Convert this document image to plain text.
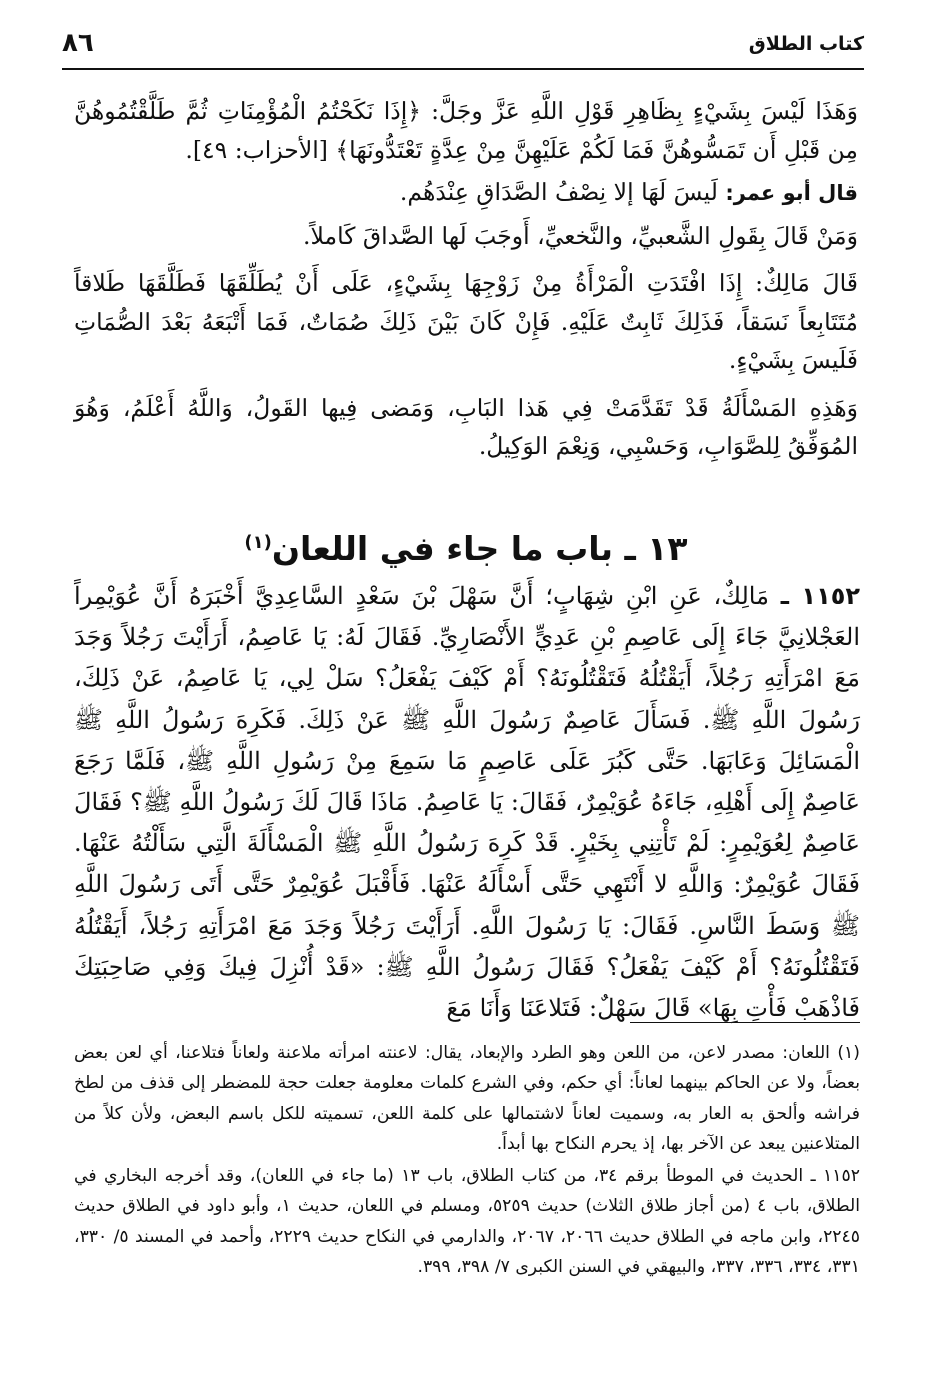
كتاب الطلاق
٨٦

وَهَذَا لَيْسَ بِشَيْءٍ بِظَاهِرِ قَوْلِ اللَّهِ عَزَّ وجَلَّ: ﴿إِذَا نَكَحْتُمُ الْمُؤْمِنَاتِ ثُمَّ طَلَّقْتُمُوهُنَّ مِن قَبْلِ أَن تَمَسُّوهُنَّ فَمَا لَكُمْ عَلَيْهِنَّ مِنْ عِدَّةٍ تَعْتَدُّونَهَا﴾ [الأحزاب: ٤٩].

قال أبو عمر: لَيسَ لَهَا إلا نِصْفُ الصَّدَاقِ عِنْدَهُم.

وَمَنْ قَالَ بِقَولِ الشَّعبيِّ، والنَّخعيِّ، أَوجَبَ لَها الصَّداقَ كَاملاً.

قَالَ مَالِكٌ: إِذَا افْتَدَتِ الْمَرْأَةُ مِنْ زَوْجِهَا بِشَيْءٍ، عَلَى أَنْ يُطَلِّقَهَا فَطَلَّقَهَا طَلاقاً مُتَتَابِعاً نَسَقاً، فَذَلِكَ ثَابِتٌ عَلَيْهِ. فَإِنْ كَانَ بَيْنَ ذَلِكَ صُمَاتٌ، فَمَا أَتْبَعَهُ بَعْدَ الصُّمَاتِ فَلَيسَ بِشَيْءٍ.

وَهَذِهِ المَسْأَلَةُ قَدْ تَقَدَّمَتْ فِي هَذا البَابِ، وَمَضى فِيها القَولُ، وَاللَّهُ أَعْلَمُ، وَهُوَ المُوَفِّقُ لِلصَّوَابِ، وَحَسْبِي، وَنِعْمَ الوَكِيلُ.

١٣ ـ باب ما جاء في اللعان$^{(١)}$
١١٥٢ ـ مَالِكٌ، عَنِ ابْنِ شِهَابٍ؛ أَنَّ سَهْلَ بْنَ سَعْدٍ السَّاعِدِيَّ أَخْبَرَهُ أَنَّ عُوَيْمِراً العَجْلانِيَّ جَاءَ إِلَى عَاصِمِ بْنِ عَدِيٍّ الأَنْصَارِيِّ. فَقَالَ لَهُ: يَا عَاصِمُ، أَرَأَيْتَ رَجُلاً وَجَدَ مَعَ امْرَأَتِهِ رَجُلاً، أَيَقْتُلُهُ فَتَقْتُلُونَهُ؟ أَمْ كَيْفَ يَفْعَلُ؟ سَلْ لِي، يَا عَاصِمُ، عَنْ ذَلِكَ، رَسُولَ اللَّهِ ﷺ. فَسَأَلَ عَاصِمٌ رَسُولَ اللَّهِ ﷺ عَنْ ذَلِكَ. فَكَرِهَ رَسُولُ اللَّهِ ﷺ الْمَسَائِلَ وَعَابَهَا. حَتَّى كَبُرَ عَلَى عَاصِمٍ مَا سَمِعَ مِنْ رَسُولِ اللَّهِ ﷺ، فَلَمَّا رَجَعَ عَاصِمٌ إِلَى أَهْلِهِ، جَاءَهُ عُوَيْمِرٌ، فَقَالَ: يَا عَاصِمُ. مَاذَا قَالَ لَكَ رَسُولُ اللَّهِ ﷺ؟ فَقَالَ عَاصِمٌ لِعُوَيْمِرٍ: لَمْ تَأْتِنِي بِخَيْرٍ. قَدْ كَرِهَ رَسُولُ اللَّهِ ﷺ الْمَسْأَلَةَ الَّتِي سَأَلْتُهُ عَنْهَا. فَقَالَ عُوَيْمِرٌ: وَاللَّهِ لا أَنْتَهِي حَتَّى أَسْأَلَهُ عَنْهَا. فَأَقْبَلَ عُوَيْمِرٌ حَتَّى أَتَى رَسُولَ اللَّهِ ﷺ وَسَطَ النَّاسِ. فَقَالَ: يَا رَسُولَ اللَّهِ. أَرَأَيْتَ رَجُلاً وَجَدَ مَعَ امْرَأَتِهِ رَجُلاً، أَيَقْتُلُهُ فَتَقْتُلُونَهُ؟ أَمْ كَيْفَ يَفْعَلُ؟ فَقَالَ رَسُولُ اللَّهِ ﷺ: «قَدْ أُنْزِلَ فِيكَ وَفِي صَاحِبَتِكَ فَاذْهَبْ فَأْتِ بِهَا» قَالَ سَهْلٌ: فَتَلاعَنَا وَأَنَا مَعَ

(١) اللعان: مصدر لاعن، من اللعن وهو الطرد والإبعاد، يقال: لاعنته امرأته ملاعنة ولعاناً فتلاعنا، أي لعن بعض بعضاً، ولا عن الحاكم بينهما لعاناً: أي حكم، وفي الشرع كلمات معلومة جعلت حجة للمضطر إلى قذف من لطخ فراشه وألحق به العار به، وسميت لعاناً لاشتمالها على كلمة اللعن، تسميته للكل باسم البعض، ولأن كلاً من المتلاعنين يبعد عن الآخر بها، إذ يحرم النكاح بها أبداً.

١١٥٢ ـ الحديث في الموطأ برقم ٣٤، من كتاب الطلاق، باب ١٣ (ما جاء في اللعان)، وقد أخرجه البخاري في الطلاق، باب ٤ (من أجاز طلاق الثلاث) حديث ٥٢٥٩، ومسلم في اللعان، حديث ١، وأبو داود في الطلاق حديث ٢٢٤٥، وابن ماجه في الطلاق حديث ٢٠٦٦، ٢٠٦٧، والدارمي في النكاح حديث ٢٢٢٩، وأحمد في المسند ٥/ ٣٣٠، ٣٣١، ٣٣٤، ٣٣٦، ٣٣٧، والبيهقي في السنن الكبرى ٧/ ٣٩٨، ٣٩٩.
